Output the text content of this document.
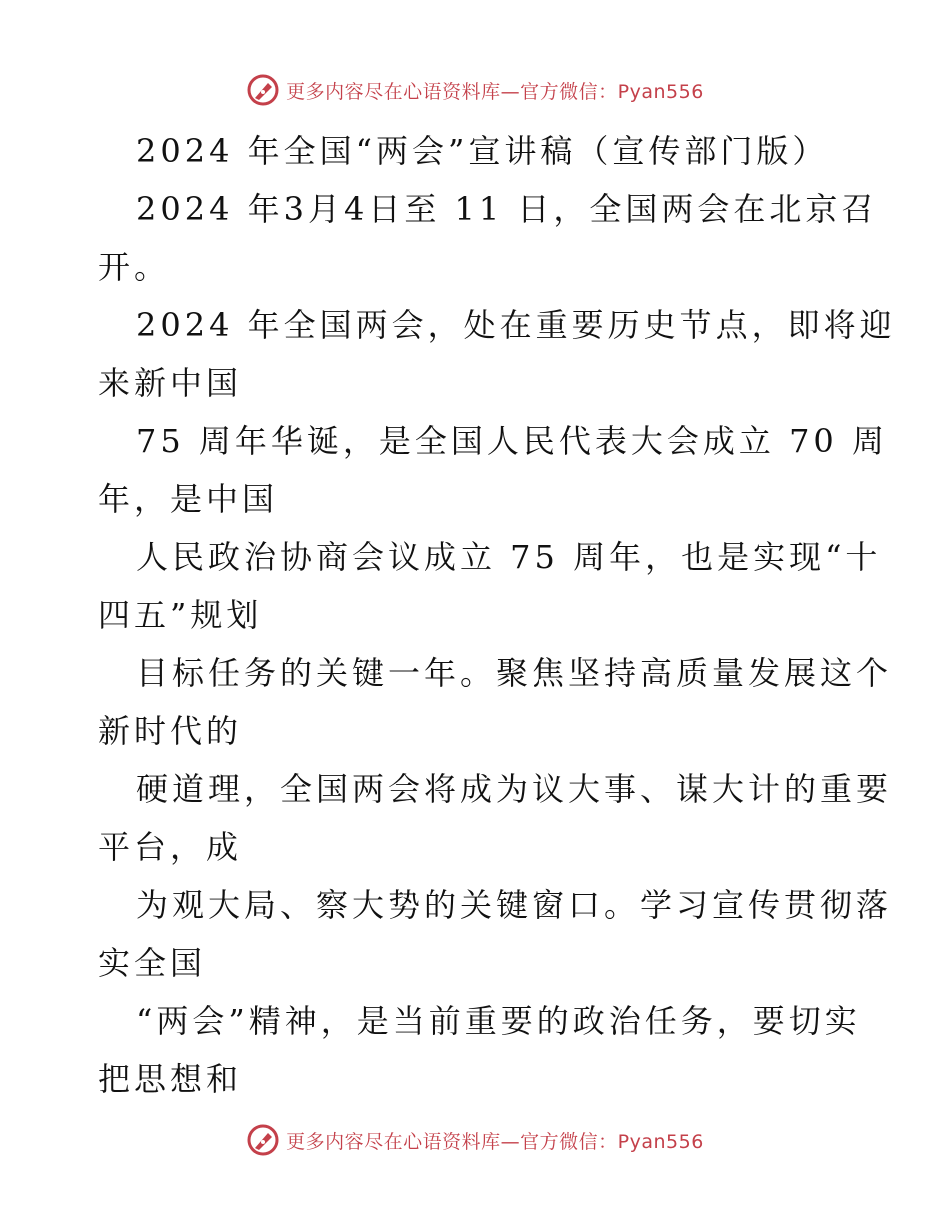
更多内容尽在心语资料库—官方微信：Pyan556
2024 年全国“两会”宣讲稿（宣传部门版）
2024 年3月4日至 11 日，全国两会在北京召
开。
2024 年全国两会，处在重要历史节点，即将迎
来新中国
75 周年华诞，是全国人民代表大会成立 70 周
年，是中国
人民政治协商会议成立 75 周年，也是实现“十
四五”规划
目标任务的关键一年。聚焦坚持高质量发展这个
新时代的
硬道理，全国两会将成为议大事、谋大计的重要
平台，成
为观大局、察大势的关键窗口。学习宣传贯彻落
实全国
“两会”精神，是当前重要的政治任务，要切实
把思想和
更多内容尽在心语资料库—官方微信：Pyan556
